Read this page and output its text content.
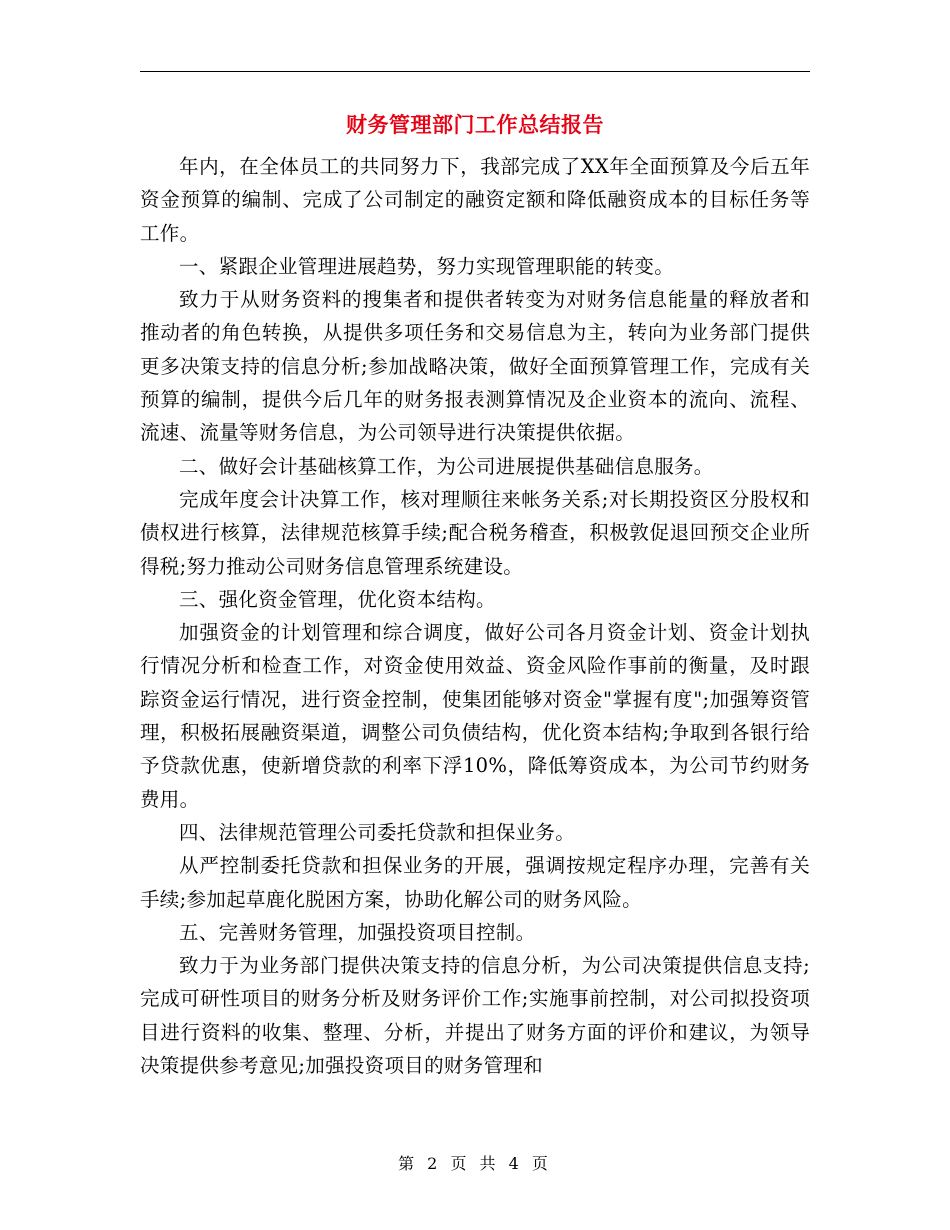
财务管理部门工作总结报告

年内，在全体员工的共同努力下，我部完成了XX年全面预算及今后五年资金预算的编制、完成了公司制定的融资定额和降低融资成本的目标任务等工作。

一、紧跟企业管理进展趋势，努力实现管理职能的转变。

致力于从财务资料的搜集者和提供者转变为对财务信息能量的释放者和推动者的角色转换，从提供多项任务和交易信息为主，转向为业务部门提供更多决策支持的信息分析;参加战略决策，做好全面预算管理工作，完成有关预算的编制，提供今后几年的财务报表测算情况及企业资本的流向、流程、流速、流量等财务信息，为公司领导进行决策提供依据。

二、做好会计基础核算工作，为公司进展提供基础信息服务。

完成年度会计决算工作，核对理顺往来帐务关系;对长期投资区分股权和债权进行核算，法律规范核算手续;配合税务稽查，积极敦促退回预交企业所得税;努力推动公司财务信息管理系统建设。

三、强化资金管理，优化资本结构。

加强资金的计划管理和综合调度，做好公司各月资金计划、资金计划执行情况分析和检查工作，对资金使用效益、资金风险作事前的衡量，及时跟踪资金运行情况，进行资金控制，使集团能够对资金"掌握有度";加强筹资管理，积极拓展融资渠道，调整公司负债结构，优化资本结构;争取到各银行给予贷款优惠，使新增贷款的利率下浮10%，降低筹资成本，为公司节约财务费用。

四、法律规范管理公司委托贷款和担保业务。

从严控制委托贷款和担保业务的开展，强调按规定程序办理，完善有关手续;参加起草鹿化脱困方案，协助化解公司的财务风险。

五、完善财务管理，加强投资项目控制。

致力于为业务部门提供决策支持的信息分析，为公司决策提供信息支持;完成可研性项目的财务分析及财务评价工作;实施事前控制，对公司拟投资项目进行资料的收集、整理、分析，并提出了财务方面的评价和建议，为领导决策提供参考意见;加强投资项目的财务管理和

第 2 页 共 4 页
